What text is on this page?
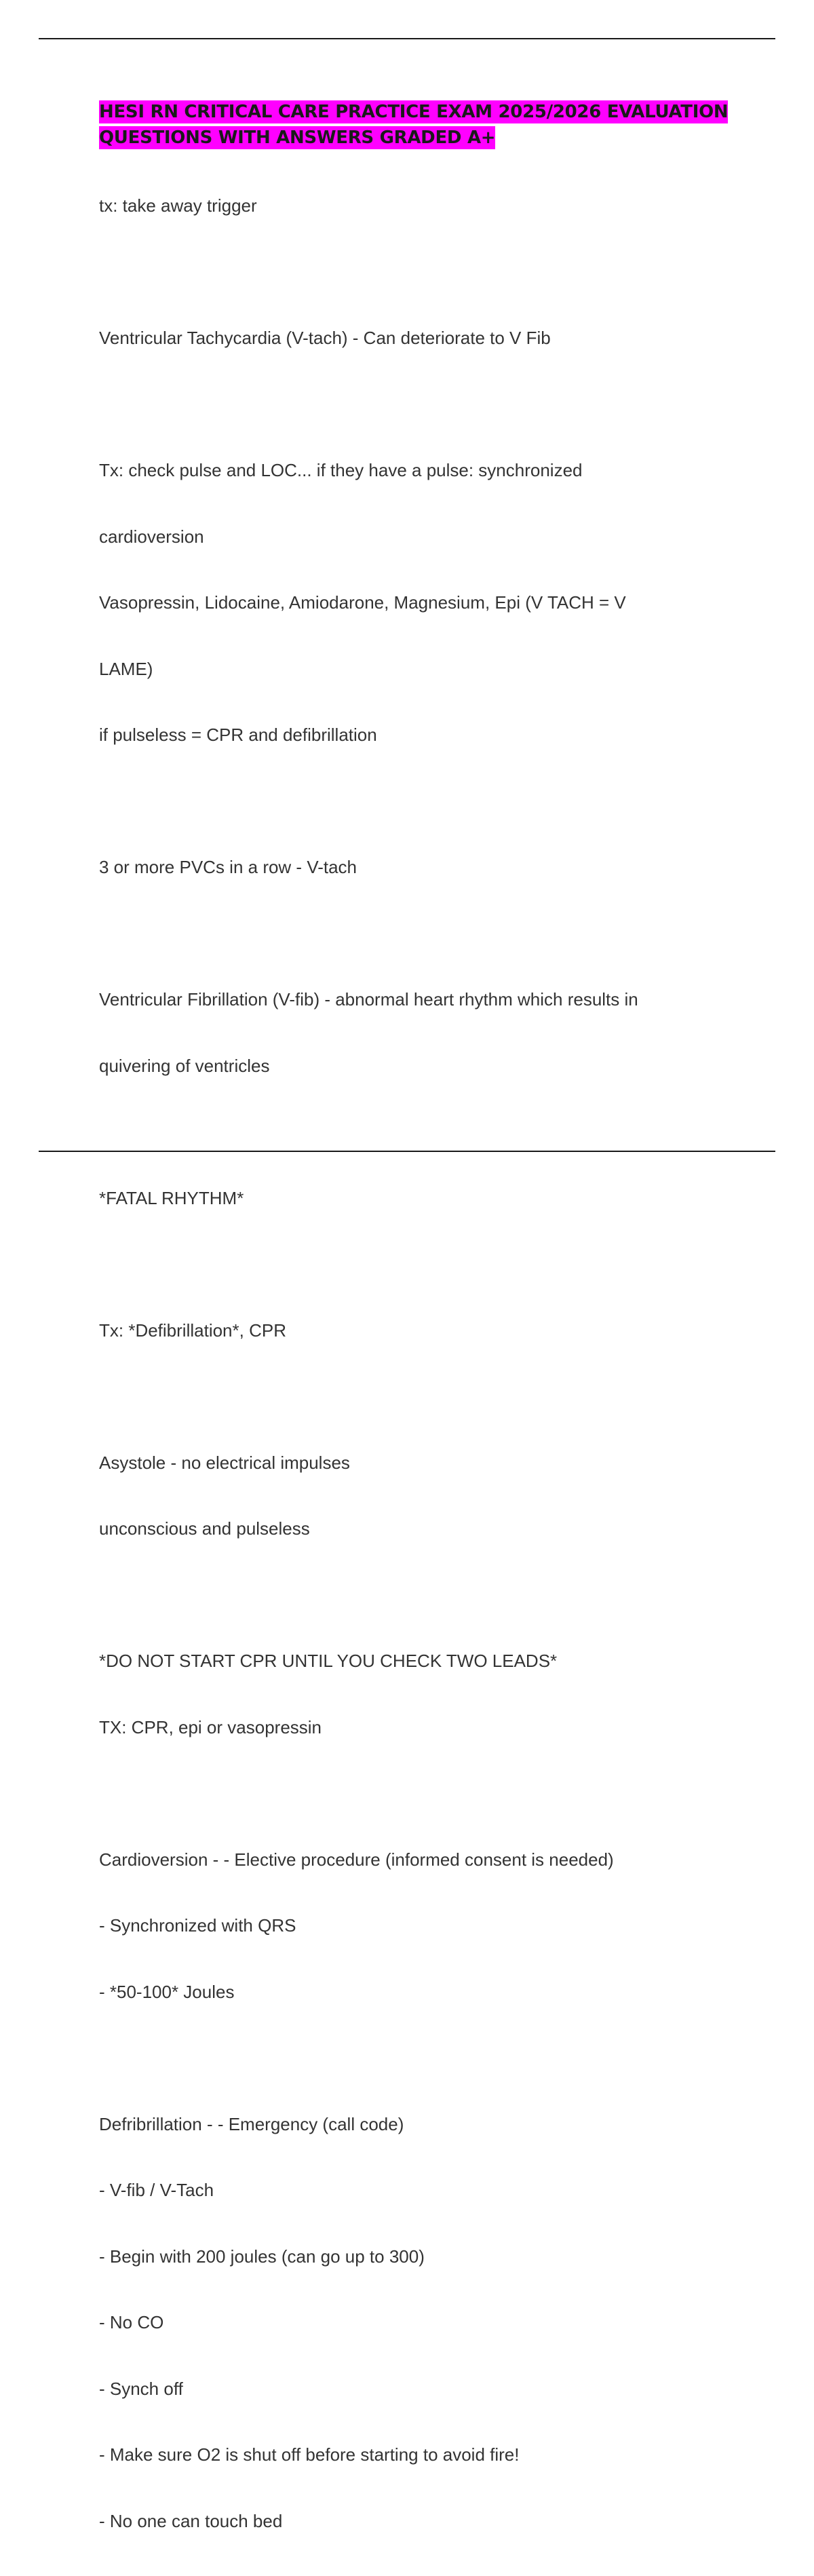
HESI RN CRITICAL CARE PRACTICE EXAM 2025/2026 EVALUATION QUESTIONS WITH ANSWERS GRADED A+

tx: take away trigger

Ventricular Tachycardia (V-tach) - Can deteriorate to V Fib

Tx: check pulse and LOC... if they have a pulse: synchronized

cardioversion

Vasopressin, Lidocaine, Amiodarone, Magnesium, Epi (V TACH = V

LAME)

if pulseless = CPR and defibrillation

3 or more PVCs in a row - V-tach

Ventricular Fibrillation (V-fib) - abnormal heart rhythm which results in

quivering of ventricles

*FATAL RHYTHM*

Tx: *Defibrillation*, CPR

Asystole - no electrical impulses

unconscious and pulseless

*DO NOT START CPR UNTIL YOU CHECK TWO LEADS*

TX: CPR, epi or vasopressin

Cardioversion - - Elective procedure (informed consent is needed)

- Synchronized with QRS

- *50-100* Joules

Defribrillation - - Emergency (call code)

- V-fib / V-Tach

- Begin with 200 joules (can go up to 300)

- No CO

- Synch off

- Make sure O2 is shut off before starting to avoid fire!

- No one can touch bed
